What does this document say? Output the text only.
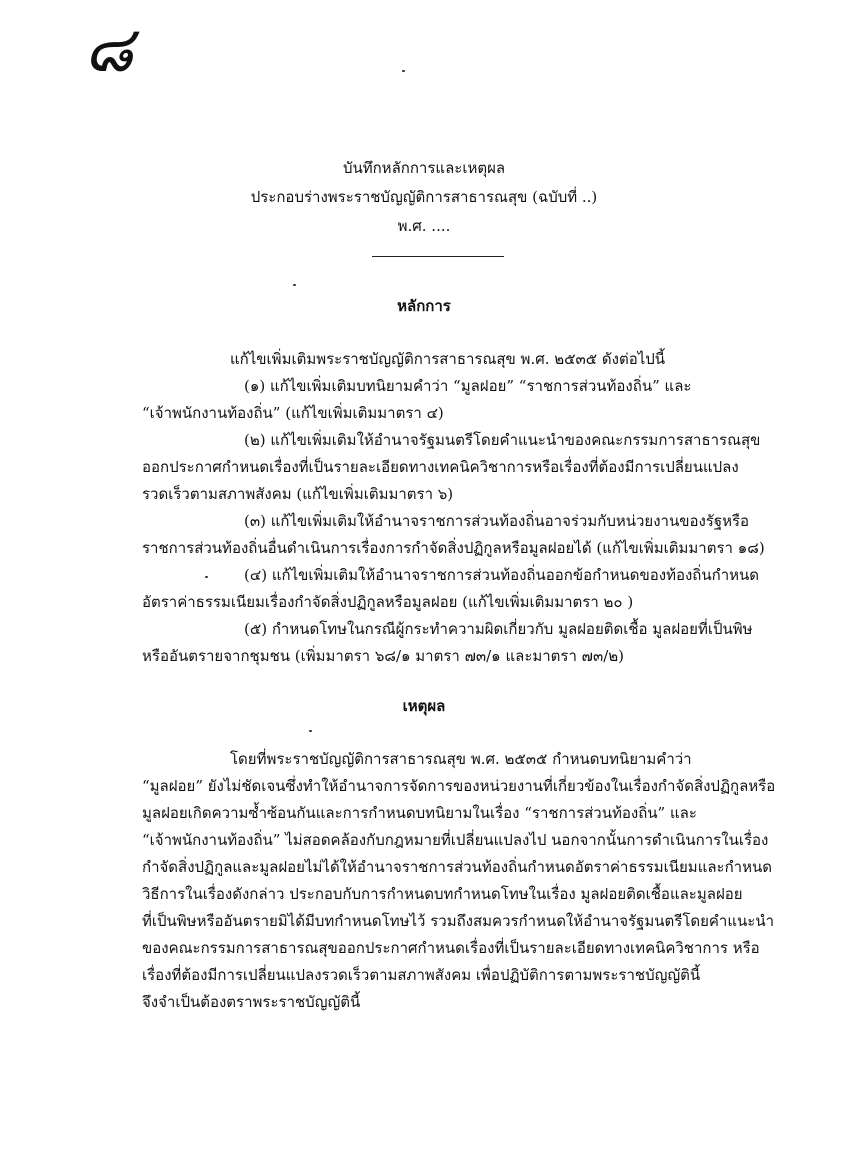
๘
บันทึกหลักการและเหตุผล
ประกอบร่างพระราชบัญญัติการสาธารณสุข (ฉบับที่ ..)
พ.ศ. ....
หลักการ
แก้ไขเพิ่มเติมพระราชบัญญัติการสาธารณสุข พ.ศ. ๒๕๓๕ ดังต่อไปนี้
(๑) แก้ไขเพิ่มเติมบทนิยามคำว่า “มูลฝอย” “ราชการส่วนท้องถิ่น” และ
“เจ้าพนักงานท้องถิ่น” (แก้ไขเพิ่มเติมมาตรา ๔)
(๒) แก้ไขเพิ่มเติมให้อำนาจรัฐมนตรีโดยคำแนะนำของคณะกรรมการสาธารณสุข
ออกประกาศกำหนดเรื่องที่เป็นรายละเอียดทางเทคนิควิชาการหรือเรื่องที่ต้องมีการเปลี่ยนแปลง
รวดเร็วตามสภาพสังคม (แก้ไขเพิ่มเติมมาตรา ๖)
(๓) แก้ไขเพิ่มเติมให้อำนาจราชการส่วนท้องถิ่นอาจร่วมกับหน่วยงานของรัฐหรือ
ราชการส่วนท้องถิ่นอื่นดำเนินการเรื่องการกำจัดสิ่งปฏิกูลหรือมูลฝอยได้ (แก้ไขเพิ่มเติมมาตรา ๑๘)
(๔) แก้ไขเพิ่มเติมให้อำนาจราชการส่วนท้องถิ่นออกข้อกำหนดของท้องถิ่นกำหนด
อัตราค่าธรรมเนียมเรื่องกำจัดสิ่งปฏิกูลหรือมูลฝอย (แก้ไขเพิ่มเติมมาตรา ๒๐ )
(๕) กำหนดโทษในกรณีผู้กระทำความผิดเกี่ยวกับ มูลฝอยติดเชื้อ มูลฝอยที่เป็นพิษ
หรืออันตรายจากชุมชน (เพิ่มมาตรา ๖๘/๑ มาตรา ๗๓/๑ และมาตรา ๗๓/๒)
เหตุผล
โดยที่พระราชบัญญัติการสาธารณสุข พ.ศ. ๒๕๓๕ กำหนดบทนิยามคำว่า
“มูลฝอย” ยังไม่ชัดเจนซึ่งทำให้อำนาจการจัดการของหน่วยงานที่เกี่ยวข้องในเรื่องกำจัดสิ่งปฏิกูลหรือ
มูลฝอยเกิดความซ้ำซ้อนกันและการกำหนดบทนิยามในเรื่อง “ราชการส่วนท้องถิ่น” และ
“เจ้าพนักงานท้องถิ่น” ไม่สอดคล้องกับกฎหมายที่เปลี่ยนแปลงไป นอกจากนั้นการดำเนินการในเรื่อง
กำจัดสิ่งปฏิกูลและมูลฝอยไม่ได้ให้อำนาจราชการส่วนท้องถิ่นกำหนดอัตราค่าธรรมเนียมและกำหนด
วิธีการในเรื่องดังกล่าว ประกอบกับการกำหนดบทกำหนดโทษในเรื่อง มูลฝอยติดเชื้อและมูลฝอย
ที่เป็นพิษหรืออันตรายมิได้มีบทกำหนดโทษไว้ รวมถึงสมควรกำหนดให้อำนาจรัฐมนตรีโดยคำแนะนำ
ของคณะกรรมการสาธารณสุขออกประกาศกำหนดเรื่องที่เป็นรายละเอียดทางเทคนิควิชาการ หรือ
เรื่องที่ต้องมีการเปลี่ยนแปลงรวดเร็วตามสภาพสังคม เพื่อปฏิบัติการตามพระราชบัญญัตินี้
จึงจำเป็นต้องตราพระราชบัญญัตินี้
